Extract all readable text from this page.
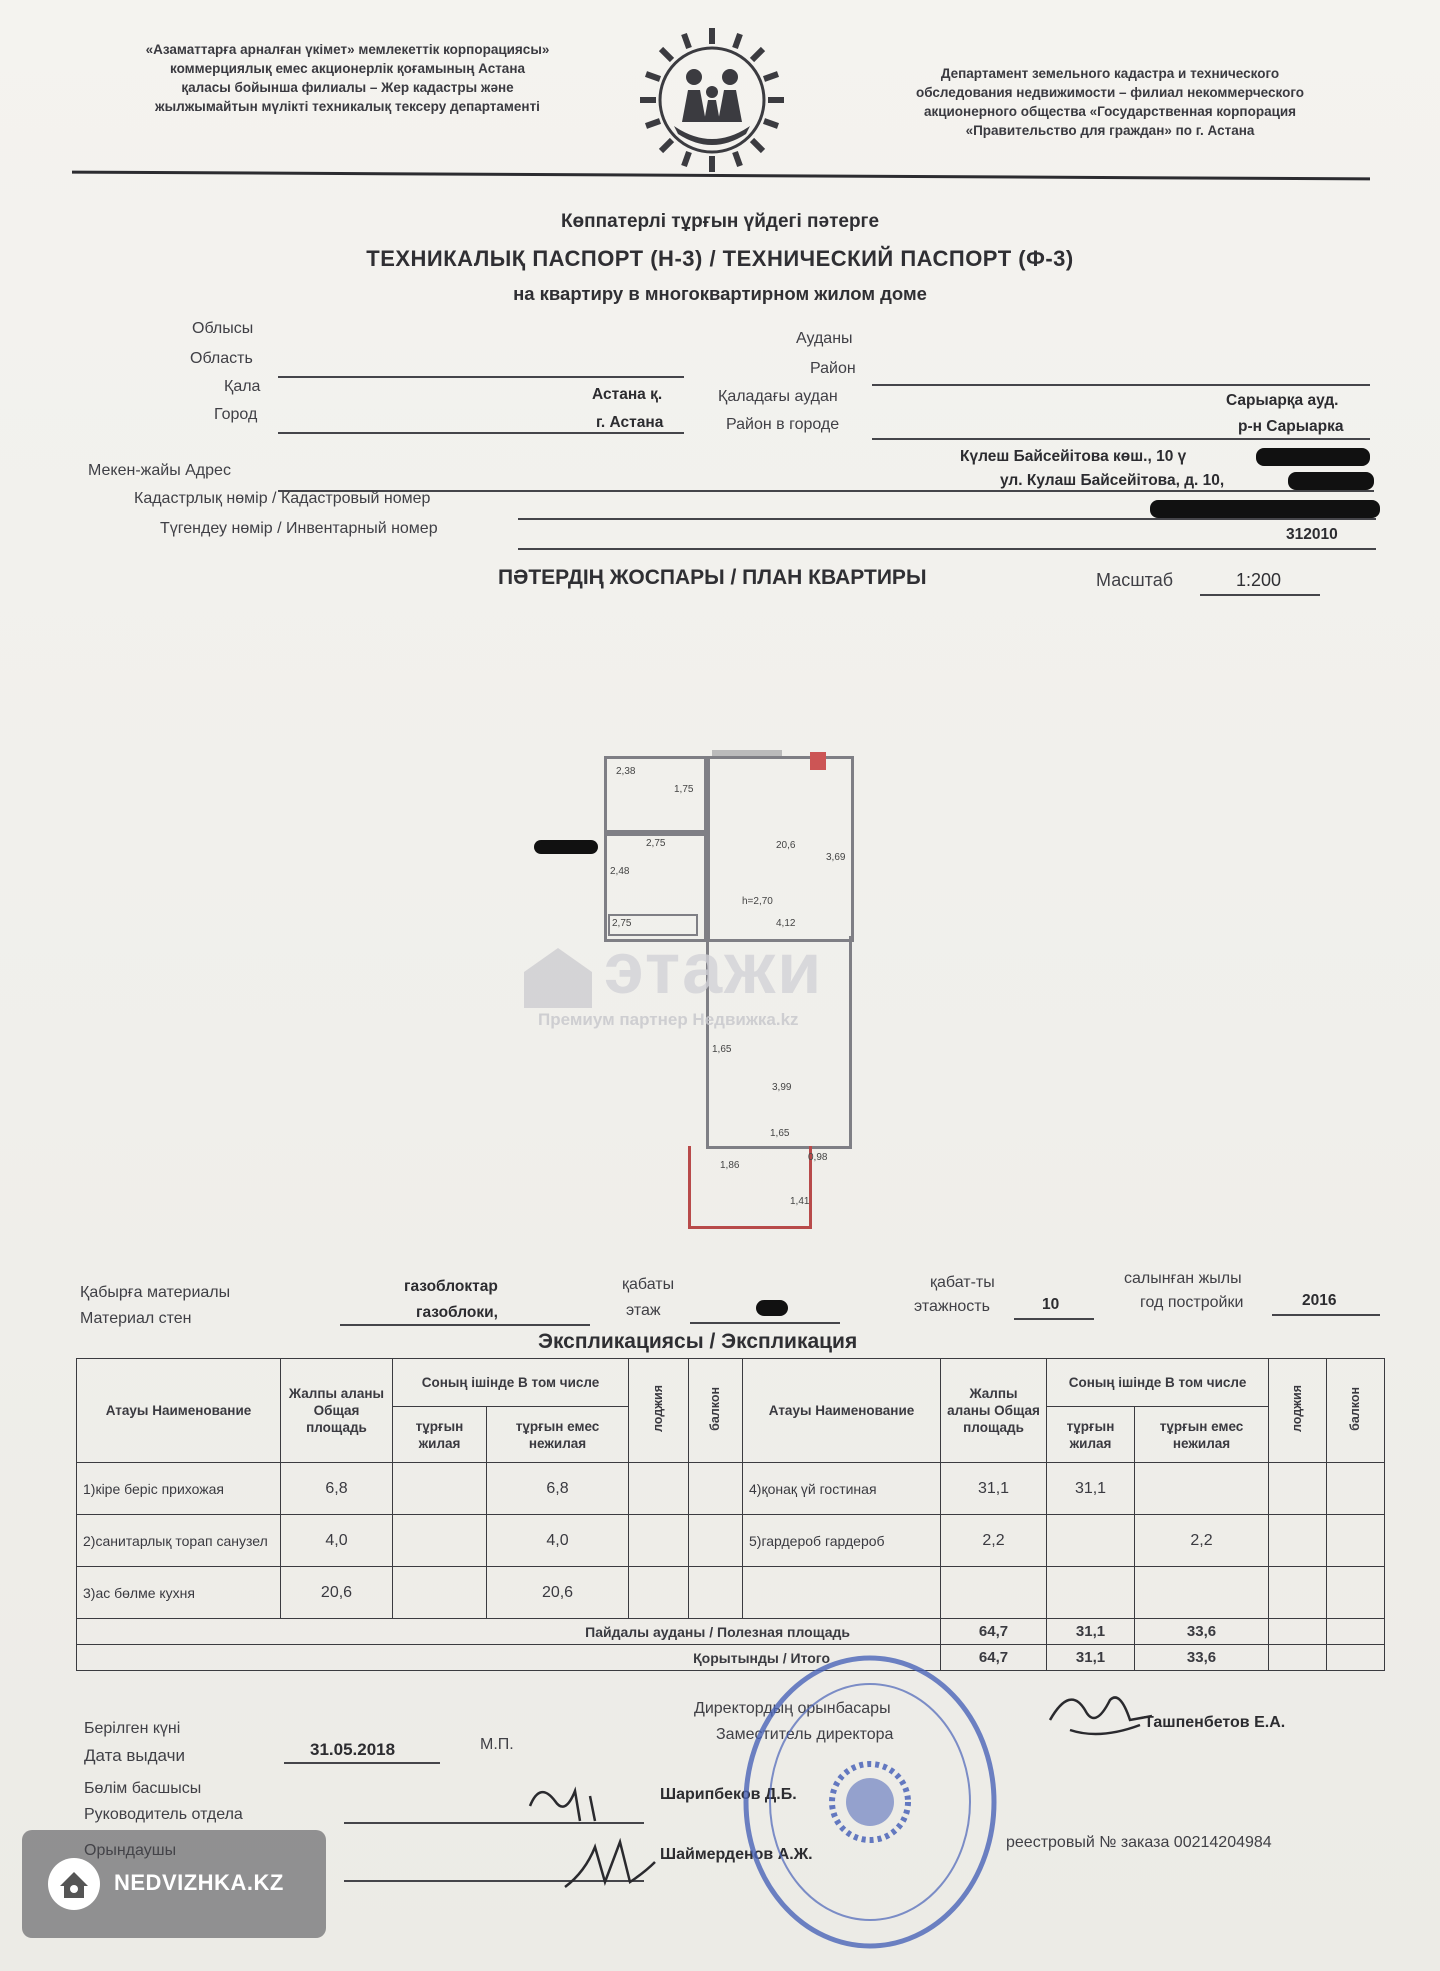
«Азаматтарға арналған үкімет» мемлекеттік корпорациясы»
коммерциялық емес акционерлік қоғамының Астана
қаласы бойынша филиалы – Жер кадастры және
жылжымайтын мүлікті техникалық тексеру департаменті
Департамент земельного кадастра и технического
обследования недвижимости – филиал некоммерческого
акционерного общества «Государственная корпорация
«Правительство для граждан» по г. Астана
Көппатерлі тұрғын үйдегі пәтерге
ТЕХНИКАЛЫҚ ПАСПОРТ (Н-3) / ТЕХНИЧЕСКИЙ ПАСПОРТ (Ф-3)
на квартиру в многоквартирном жилом доме
Облысы
Область
Қала
Город
Астана қ.
г. Астана
Ауданы
Район
Қаладағы аудан
Район в городе
Сарыарқа ауд.
р-н Сарыарка
Мекен-жайы Адрес
Күлеш Байсейітова көш., 10 ү
ул. Кулаш Байсейітова, д. 10,
Кадастрлық нөмір / Кадастровый номер
Түгендеу нөмір / Инвентарный номер	312010
ПӘТЕРДІҢ ЖОСПАРЫ / ПЛАН КВАРТИРЫ	Масштаб	1:200
2,38
1,75
2,75
2,48
20,6
3,69
h=2,70
4,12
2,75
1,65
3,99
1,65
1,86
0,98
1,41
этажи
Премиум партнер Недвижка.kz
Қабырға материалы
Материал стен
газоблоктар
газоблоки,
қабаты
этаж
қабат-ты
этажность	10
салынған жылы
год постройки	2016
Экспликациясы / Экспликация
Атауы Наименование	Жалпы аланы Общая площадь	Соның ішінде В том числе		лоджия	балкон	Атауы Наименование	Жалпы аланы Общая площадь	Соның ішінде В том числе		лоджия	балкон
		тұрғын жилая	тұрғын емес нежилая					тұрғын жилая	тұрғын емес нежилая		
1)кіре беріс прихожая	6,8		6,8			4)қонақ үй гостиная	31,1	31,1			
2)санитарлық торап санузел	4,0		4,0			5)гардероб гардероб	2,2		2,2		
3)ас бөлме кухня	20,6		20,6								
Пайдалы ауданы / Полезная площадь							64,7	31,1	33,6		
Қорытынды / Итого							64,7	31,1	33,6		
Берілген күні
Дата выдачи	31.05.2018	М.П.
Директордың орынбасары
Заместитель директора
Ташпенбетов Е.А.
Бөлім басшысы
Руководитель отдела
Шарипбеков Д.Б.
Шаймерденов А.Ж.
реестровый № заказа 00214204984
NEDVIZHKA.KZ
